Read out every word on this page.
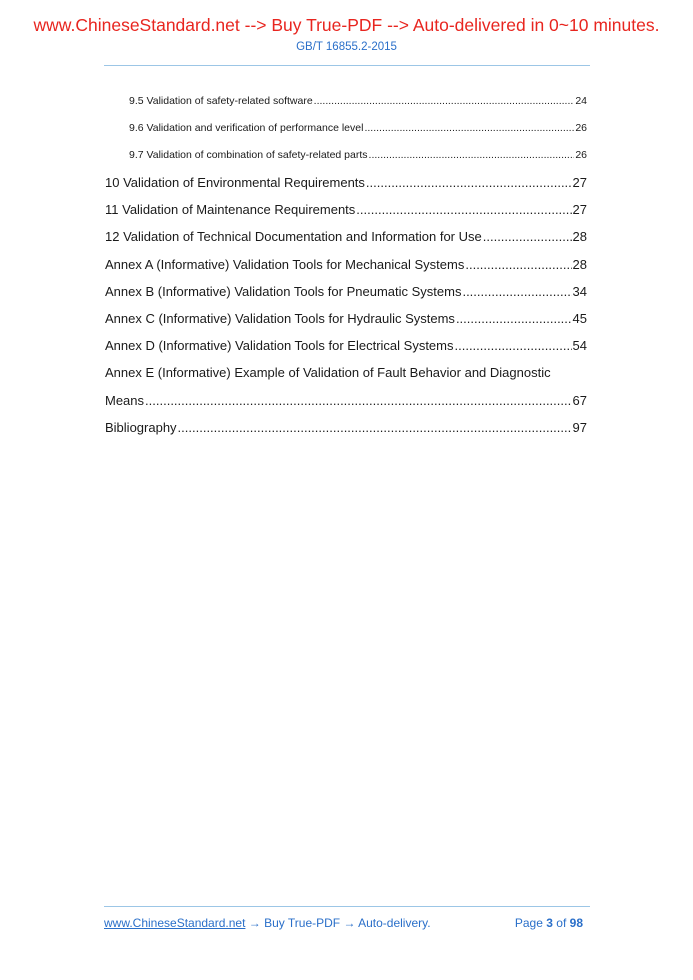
www.ChineseStandard.net --> Buy True-PDF --> Auto-delivered in 0~10 minutes.
GB/T 16855.2-2015
9.5 Validation of safety-related software .....	24
9.6 Validation and verification of performance level .....	26
9.7 Validation of combination of safety-related parts .....	26
10 Validation of Environmental Requirements .....	27
11 Validation of Maintenance Requirements .....	27
12 Validation of Technical Documentation and Information for Use .....	28
Annex A (Informative) Validation Tools for Mechanical Systems .....	28
Annex B (Informative) Validation Tools for Pneumatic Systems .....	34
Annex C (Informative) Validation Tools for Hydraulic Systems .....	45
Annex D (Informative) Validation Tools for Electrical Systems .....	54
Annex E (Informative) Example of Validation of Fault Behavior and Diagnostic
Means .....	67
Bibliography .....	97
www.ChineseStandard.net → Buy True-PDF → Auto-delivery.	Page 3 of 98
